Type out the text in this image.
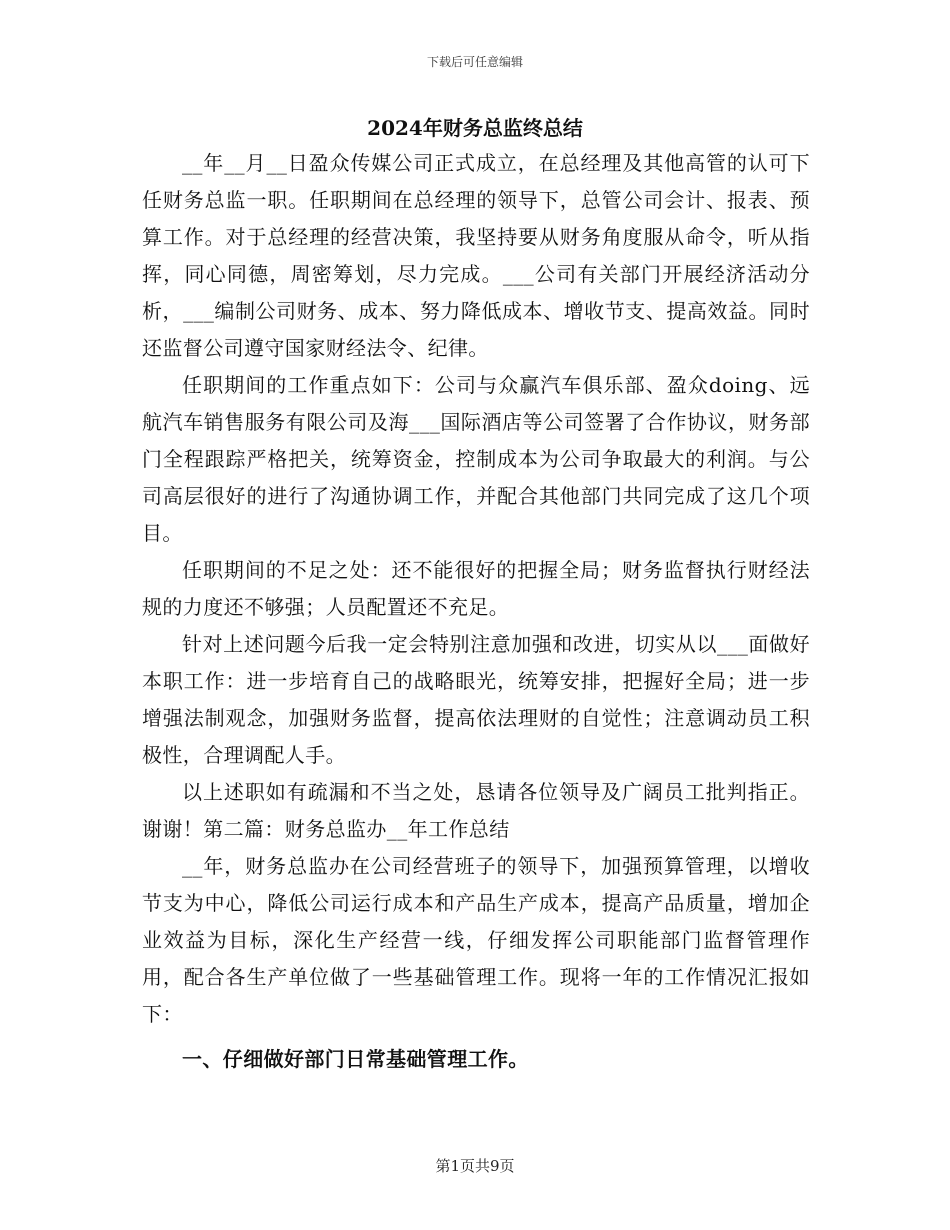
下载后可任意编辑
2024年财务总监终总结

__年__月__日盈众传媒公司正式成立，在总经理及其他高管的认可下任财务总监一职。任职期间在总经理的领导下，总管公司会计、报表、预算工作。对于总经理的经营决策，我坚持要从财务角度服从命令，听从指挥，同心同德，周密筹划，尽力完成。___公司有关部门开展经济活动分析，___编制公司财务、成本、努力降低成本、增收节支、提高效益。同时还监督公司遵守国家财经法令、纪律。

任职期间的工作重点如下：公司与众赢汽车俱乐部、盈众doing、远航汽车销售服务有限公司及海___国际酒店等公司签署了合作协议，财务部门全程跟踪严格把关，统筹资金，控制成本为公司争取最大的利润。与公司高层很好的进行了沟通协调工作，并配合其他部门共同完成了这几个项目。

任职期间的不足之处：还不能很好的把握全局；财务监督执行财经法规的力度还不够强；人员配置还不充足。

针对上述问题今后我一定会特别注意加强和改进，切实从以___面做好本职工作：进一步培育自己的战略眼光，统筹安排，把握好全局；进一步增强法制观念，加强财务监督，提高依法理财的自觉性；注意调动员工积极性，合理调配人手。

以上述职如有疏漏和不当之处，恳请各位领导及广阔员工批判指正。谢谢！第二篇：财务总监办__年工作总结

__年，财务总监办在公司经营班子的领导下，加强预算管理，以增收节支为中心，降低公司运行成本和产品生产成本，提高产品质量，增加企业效益为目标，深化生产经营一线，仔细发挥公司职能部门监督管理作用，配合各生产单位做了一些基础管理工作。现将一年的工作情况汇报如下：

一、仔细做好部门日常基础管理工作。
第1页共9页
